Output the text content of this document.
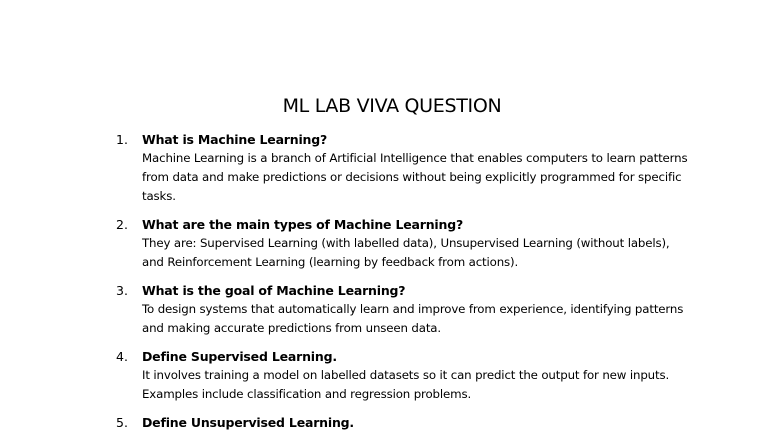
ML LAB VIVA QUESTION
1. What is Machine Learning?
Machine Learning is a branch of Artificial Intelligence that enables computers to learn patterns from data and make predictions or decisions without being explicitly programmed for specific tasks.
2. What are the main types of Machine Learning?
They are: Supervised Learning (with labelled data), Unsupervised Learning (without labels), and Reinforcement Learning (learning by feedback from actions).
3. What is the goal of Machine Learning?
To design systems that automatically learn and improve from experience, identifying patterns and making accurate predictions from unseen data.
4. Define Supervised Learning.
It involves training a model on labelled datasets so it can predict the output for new inputs. Examples include classification and regression problems.
5. Define Unsupervised Learning.
